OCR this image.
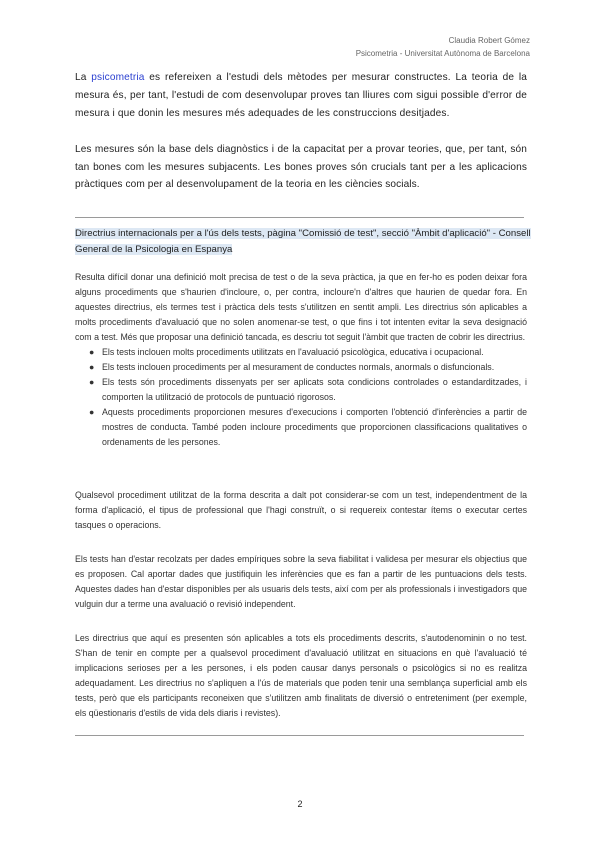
Claudia Robert Gómez
Psicometria - Universitat Autònoma de Barcelona
La psicometria es refereixen a l'estudi dels mètodes per mesurar constructes. La teoria de la mesura és, per tant, l'estudi de com desenvolupar proves tan lliures com sigui possible d'error de mesura i que donin les mesures més adequades de les construccions desitjades.
Les mesures són la base dels diagnòstics i de la capacitat per a provar teories, que, per tant, són tan bones com les mesures subjacents. Les bones proves són crucials tant per a les aplicacions pràctiques com per al desenvolupament de la teoria en les ciències socials.
Directrius internacionals per a l'ús dels tests, pàgina "Comissió de test", secció "Àmbit d'aplicació" - Consell General de la Psicologia en Espanya

Resulta difícil donar una definició molt precisa de test o de la seva pràctica, ja que en fer-ho es poden deixar fora alguns procediments que s'haurien d'incloure, o, per contra, incloure'n d'altres que haurien de quedar fora. En aquestes directrius, els termes test i pràctica dels tests s'utilitzen en sentit ampli. Les directrius són aplicables a molts procediments d'avaluació que no solen anomenar-se test, o que fins i tot intenten evitar la seva designació com a test. Més que proposar una definició tancada, es descriu tot seguit l'àmbit que tracten de cobrir les directrius.

● Els tests inclouen molts procediments utilitzats en l'avaluació psicològica, educativa i ocupacional.
● Els tests inclouen procediments per al mesurament de conductes normals, anormals o disfuncionals.
● Els tests són procediments dissenyats per ser aplicats sota condicions controlades o estandarditzades, i comporten la utilització de protocols de puntuació rigorosos.
● Aquests procediments proporcionen mesures d'execucions i comporten l'obtenció d'inferències a partir de mostres de conducta. També poden incloure procediments que proporcionen classificacions qualitatives o ordenaments de les persones.
Qualsevol procediment utilitzat de la forma descrita a dalt pot considerar-se com un test, independentment de la forma d'aplicació, el tipus de professional que l'hagi construït, o si requereix contestar ítems o executar certes tasques o operacions.
Els tests han d'estar recolzats per dades empíriques sobre la seva fiabilitat i validesa per mesurar els objectius que es proposen. Cal aportar dades que justifiquin les inferències que es fan a partir de les puntuacions dels tests. Aquestes dades han d'estar disponibles per als usuaris dels tests, així com per als professionals i investigadors que vulguin dur a terme una avaluació o revisió independent.
Les directrius que aquí es presenten són aplicables a tots els procediments descrits, s'autodenominin o no test. S'han de tenir en compte per a qualsevol procediment d'avaluació utilitzat en situacions en què l'avaluació té implicacions serioses per a les persones, i els poden causar danys personals o psicològics si no es realitza adequadament. Les directrius no s'apliquen a l'ús de materials que poden tenir una semblança superficial amb els tests, però que els participants reconeixen que s'utilitzen amb finalitats de diversió o entreteniment (per exemple, els qüestionaris d'estils de vida dels diaris i revistes).
2
